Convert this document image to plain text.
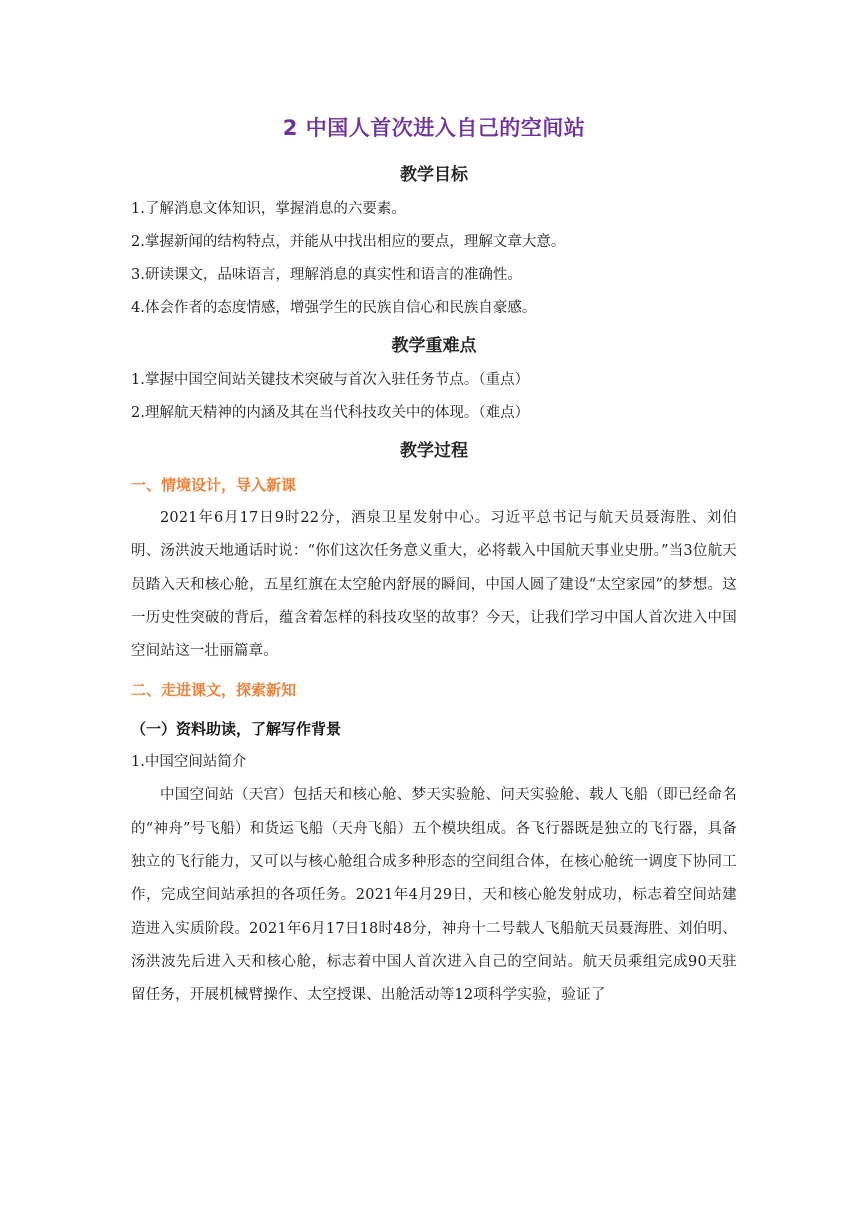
2 中国人首次进入自己的空间站
教学目标

1.了解消息文体知识，掌握消息的六要素。

2.掌握新闻的结构特点，并能从中找出相应的要点，理解文章大意。

3.研读课文，品味语言，理解消息的真实性和语言的准确性。

4.体会作者的态度情感，增强学生的民族自信心和民族自豪感。

教学重难点

1.掌握中国空间站关键技术突破与首次入驻任务节点。（重点）

2.理解航天精神的内涵及其在当代科技攻关中的体现。（难点）

教学过程

一、情境设计，导入新课

2021年6月17日9时22分，酒泉卫星发射中心。习近平总书记与航天员聂海胜、刘伯明、汤洪波天地通话时说：“你们这次任务意义重大，必将载入中国航天事业史册。”当3位航天员踏入天和核心舱，五星红旗在太空舱内舒展的瞬间，中国人圆了建设“太空家园”的梦想。这一历史性突破的背后，蕴含着怎样的科技攻坚的故事？今天，让我们学习中国人首次进入中国空间站这一壮丽篇章。

二、走进课文，探索新知

（一）资料助读，了解写作背景

1.中国空间站简介

中国空间站（天宫）包括天和核心舱、梦天实验舱、问天实验舱、载人飞船（即已经命名的“神舟”号飞船）和货运飞船（天舟飞船）五个模块组成。各飞行器既是独立的飞行器，具备独立的飞行能力，又可以与核心舱组合成多种形态的空间组合体，在核心舱统一调度下协同工作，完成空间站承担的各项任务。2021年4月29日，天和核心舱发射成功，标志着空间站建造进入实质阶段。2021年6月17日18时48分，神舟十二号载人飞船航天员聂海胜、刘伯明、汤洪波先后进入天和核心舱，标志着中国人首次进入自己的空间站。航天员乘组完成90天驻留任务，开展机械臂操作、太空授课、出舱活动等12项科学实验，验证了
